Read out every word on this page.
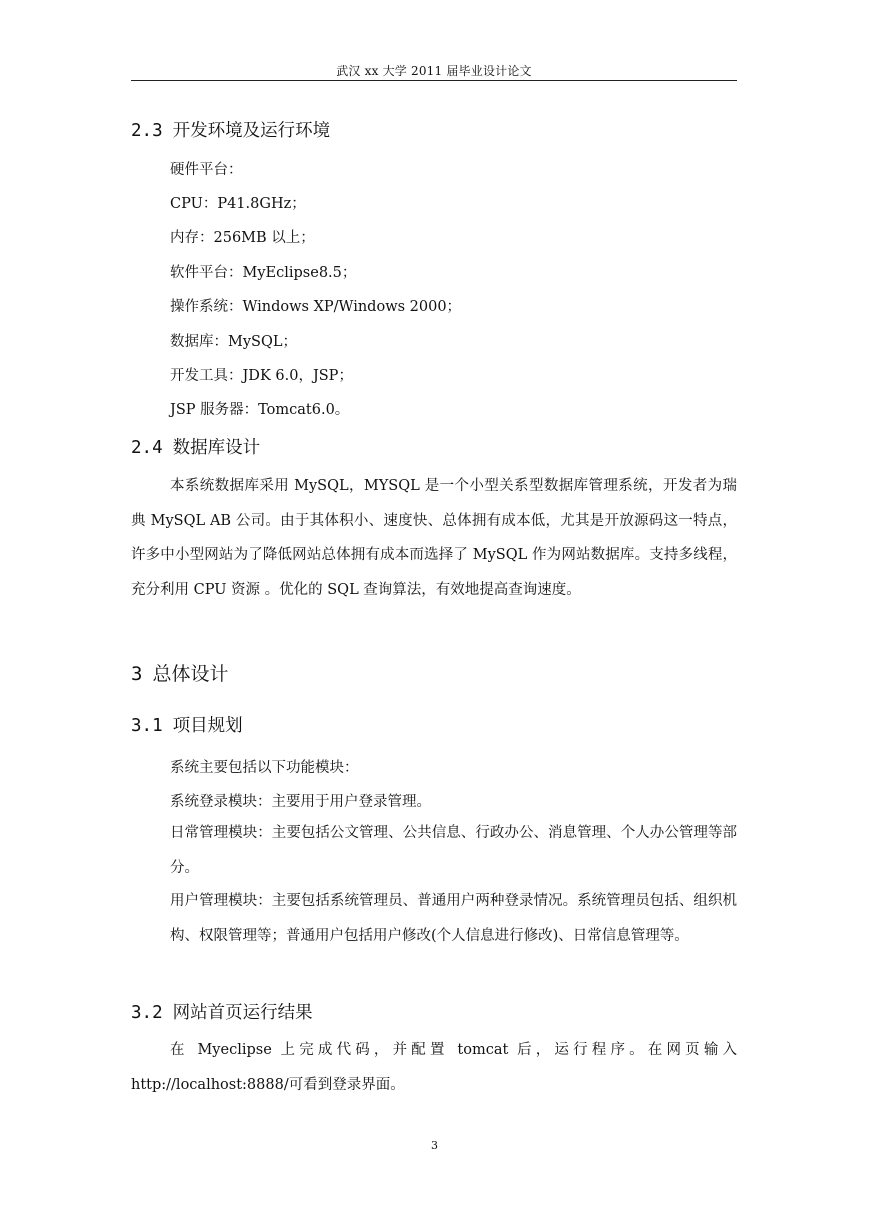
武汉 xx 大学 2011 届毕业设计论文
2.3 开发环境及运行环境
硬件平台：
CPU：P41.8GHz；
内存：256MB 以上；
软件平台：MyEclipse8.5；
操作系统：Windows XP/Windows 2000；
数据库：MySQL；
开发工具：JDK 6.0，JSP；
JSP 服务器：Tomcat6.0。
2.4 数据库设计
本系统数据库采用 MySQL，MYSQL 是一个小型关系型数据库管理系统，开发者为瑞典 MySQL AB 公司。由于其体积小、速度快、总体拥有成本低，尤其是开放源码这一特点，许多中小型网站为了降低网站总体拥有成本而选择了 MySQL 作为网站数据库。支持多线程，充分利用 CPU 资源 。优化的 SQL 查询算法，有效地提高查询速度。
3 总体设计
3.1 项目规划
系统主要包括以下功能模块：
系统登录模块：主要用于用户登录管理。
日常管理模块：主要包括公文管理、公共信息、行政办公、消息管理、个人办公管理等部分。
用户管理模块：主要包括系统管理员、普通用户两种登录情况。系统管理员包括、组织机构、权限管理等；普通用户包括用户修改(个人信息进行修改)、日常信息管理等。
3.2 网站首页运行结果
在 Myeclipse 上完成代码，并配置 tomcat 后，运行程序。在网页输入 http://localhost:8888/可看到登录界面。
3
